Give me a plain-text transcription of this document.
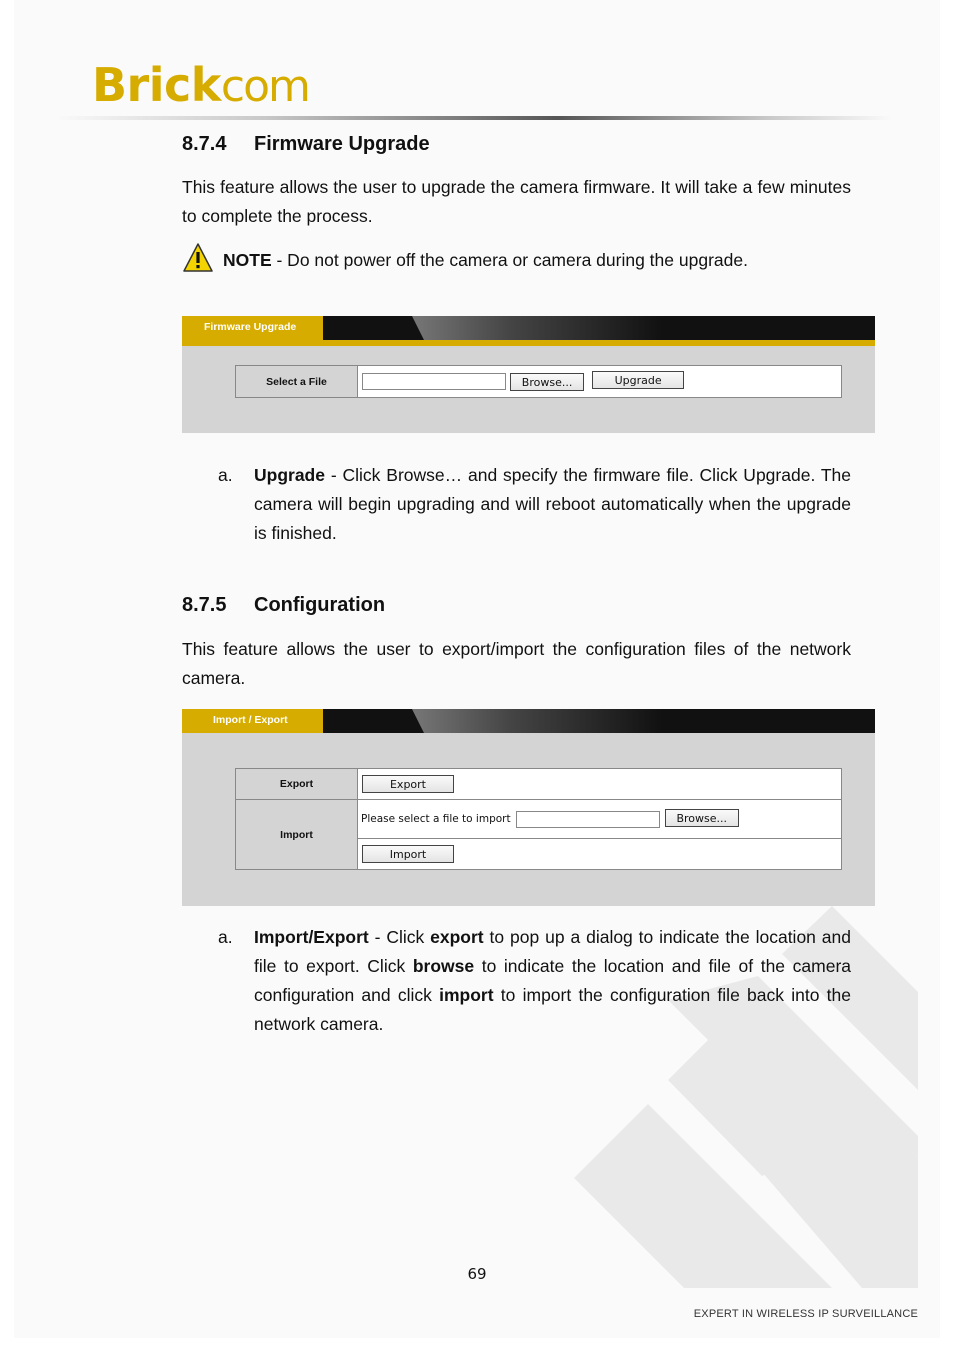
Brickcom
8.7.4 Firmware Upgrade

This feature allows the user to upgrade the camera firmware. It will take a few minutes to complete the process.

NOTE - Do not power off the camera or camera during the upgrade.
Firmware Upgrade
Select a File	Browse...	Upgrade
a. Upgrade - Click Browse… and specify the firmware file. Click Upgrade. The camera will begin upgrading and will reboot automatically when the upgrade is finished.
8.7.5 Configuration

This feature allows the user to export/import the configuration files of the network camera.

Import / Export
Export	Export
Import	Please select a file to import Browse...
	Import
a. Import/Export - Click export to pop up a dialog to indicate the location and file to export. Click browse to indicate the location and file of the camera configuration and click import to import the configuration file back into the network camera.
69
EXPERT IN WIRELESS IP SURVEILLANCE
